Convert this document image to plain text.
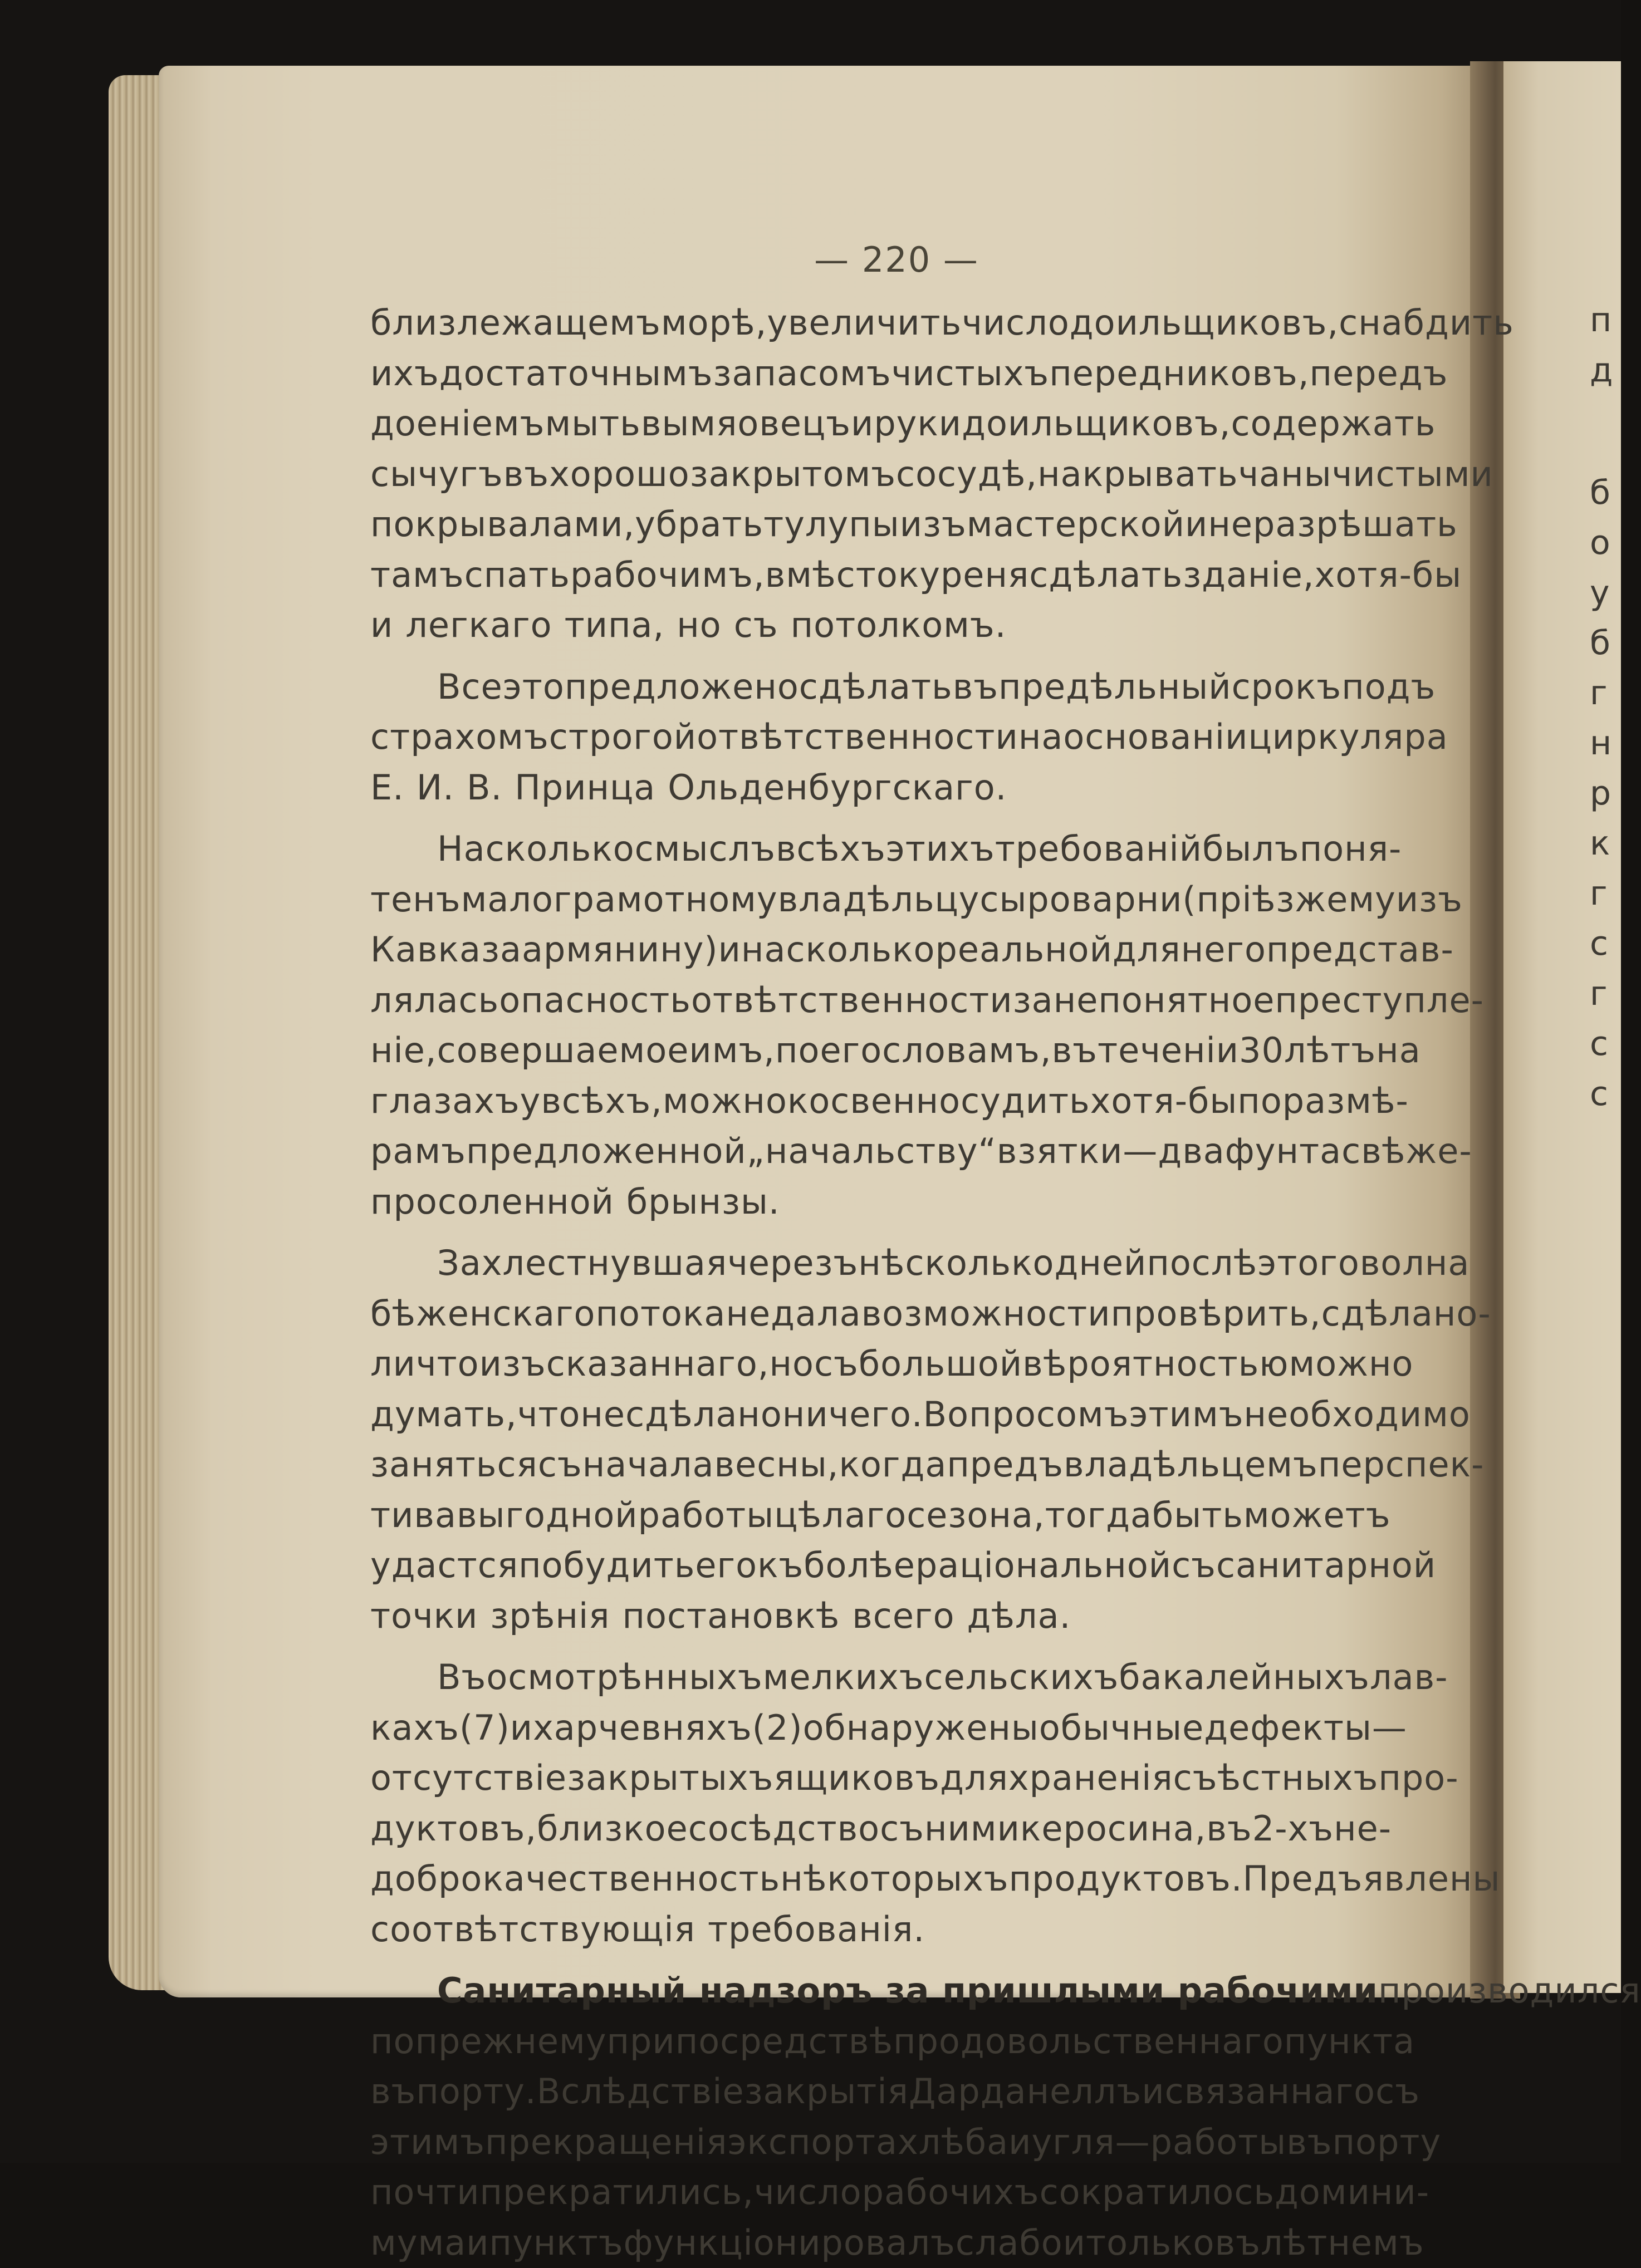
— 220 —
близлежащемъ морѣ, увеличить число доильщиковъ, снабдить
ихъ достаточнымъ запасомъ чистыхъ передниковъ, передъ
доенiемъ мыть вымя овецъ и руки доильщиковъ, содержать
сычугъ въ хорошо закрытомъ сосудѣ, накрывать чаны чистыми
покрывалами, убрать тулупы изъ мастерской и не разрѣшать
тамъ спать рабочимъ, вмѣсто куреня сдѣлать зданiе, хотя-бы
и легкаго типа, но съ потолкомъ.
Все это предложено сдѣлать въ предѣльный срокъ подъ
страхомъ строгой отвѣтственности на основанiи циркуляра
Е. И. В. Принца Ольденбургскаго.
Насколько смыслъ всѣхъ этихъ требованiй былъ поня-
тенъ малограмотному владѣльцу сыроварни (прiѣзжему изъ
Кавказа армянину) и насколько реальной для него представ-
лялась опасность отвѣтственности за непонятное преступле-
нiе, совершаемое имъ, по его словамъ, въ теченiи 30 лѣтъ на
глазахъ у всѣхъ, можно косвенно судить хотя-бы по размѣ-
рамъ предложенной „начальству“ взятки—два фунта свѣже-
просоленной брынзы.
Захлестнувшая черезъ нѣсколько дней послѣ этого волна
бѣженскаго потока не дала возможности провѣрить, сдѣлано-
ли что изъ сказаннаго, но съ большой вѣроятностью можно
думать, что не сдѣлано ничего. Вопросомъ этимъ необходимо
заняться съ начала весны, когда предъ владѣльцемъ перспек-
тива выгодной работы цѣлаго сезона, тогда быть можетъ
удастся побудить его къ болѣе рацiональной съ санитарной
точки зрѣнiя постановкѣ всего дѣла.
Въ осмотрѣнныхъ мелкихъ сельскихъ бакалейныхъ лав-
кахъ (7) и харчевняхъ (2) обнаружены обычные дефекты—
отсутствiе закрытыхъ ящиковъ для храненiя съѣстныхъ про-
дуктовъ, близкое сосѣдство съ ними керосина, въ 2-хъ не-
доброкачественность нѣкоторыхъ продуктовъ. Предъявлены
соотвѣтствующiя требованiя.
Санитарный надзоръ за пришлыми рабочими производился
по прежнему при посредствѣ продовольственнаго пункта
въ порту. Вслѣдствiе закрытiя Дарданеллъ и связаннаго съ
этимъ прекращенiя экспорта хлѣба и угля—работы въ порту
почти прекратились, число рабочихъ сократилось до мини-
мума и пунктъ функцiонировалъ слабо и только въ лѣтнемъ
п
д
б
о
у
б
г
н
р
к
г
с
г
с
с
